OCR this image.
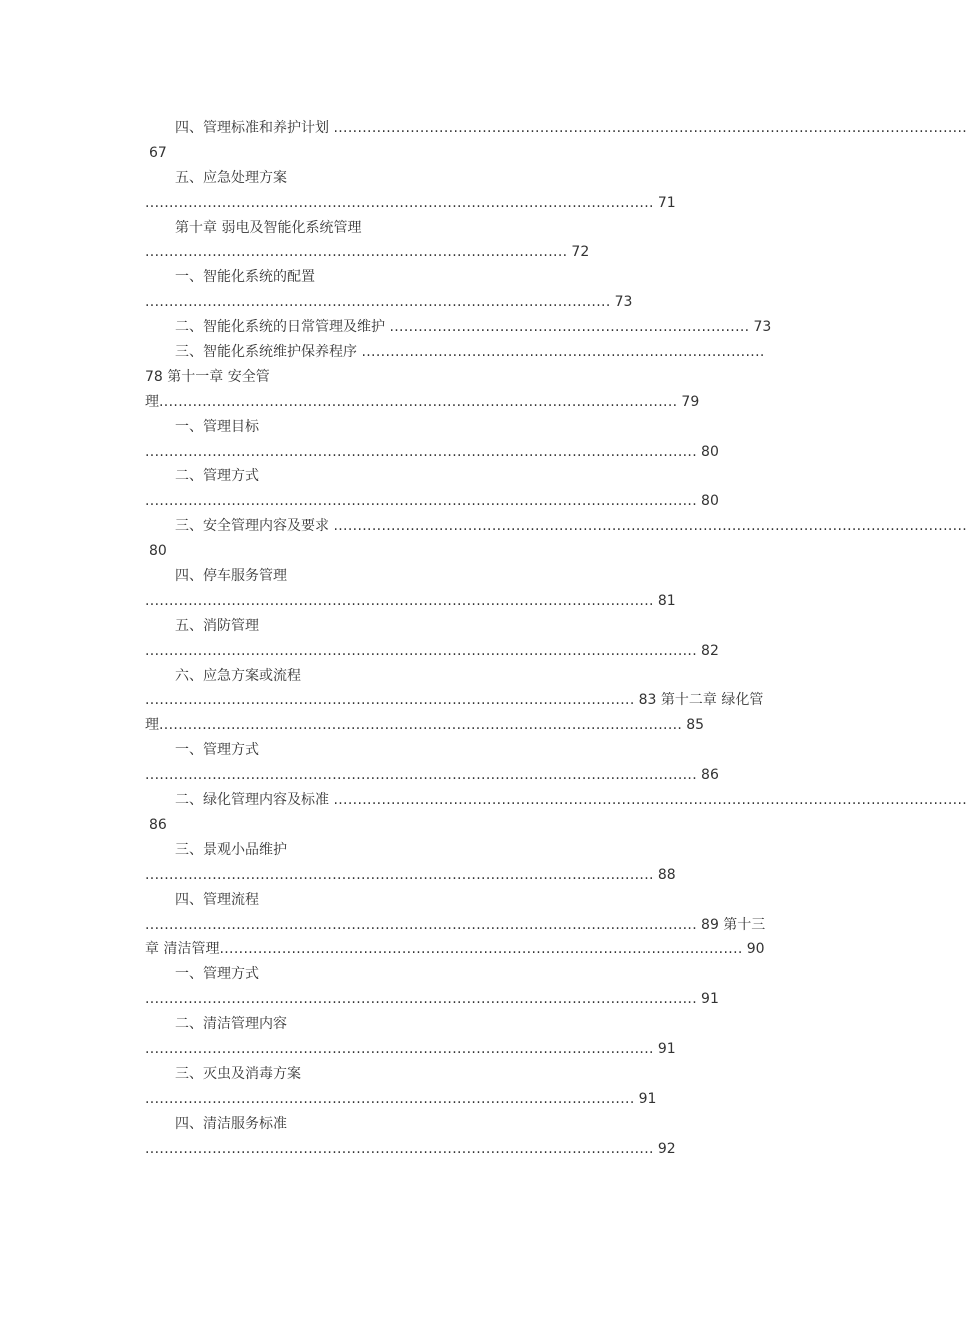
四、管理标准和养护计划 ....................................................................................................................................
67
五、应急处理方案
.......................................................................................................... 71
第十章 弱电及智能化系统管理
........................................................................................ 72
一、智能化系统的配置
................................................................................................. 73
二、智能化系统的日常管理及维护 ........................................................................... 73
三、智能化系统维护保养程序 ....................................................................................
78 第十一章 安全管
理............................................................................................................ 79
一、管理目标
................................................................................................................... 80
二、管理方式
................................................................................................................... 80
三、安全管理内容及要求 ....................................................................................................................................
80
四、停车服务管理
.......................................................................................................... 81
五、消防管理
................................................................................................................... 82
六、应急方案或流程
...................................................................................................... 83 第十二章 绿化管
理............................................................................................................. 85
一、管理方式
................................................................................................................... 86
二、绿化管理内容及标准 ....................................................................................................................................
86
三、景观小品维护
.......................................................................................................... 88
四、管理流程
................................................................................................................... 89 第十三
章 清洁管理............................................................................................................. 90
一、管理方式
................................................................................................................... 91
二、清洁管理内容
.......................................................................................................... 91
三、灭虫及消毒方案
...................................................................................................... 91
四、清洁服务标准
.......................................................................................................... 92
